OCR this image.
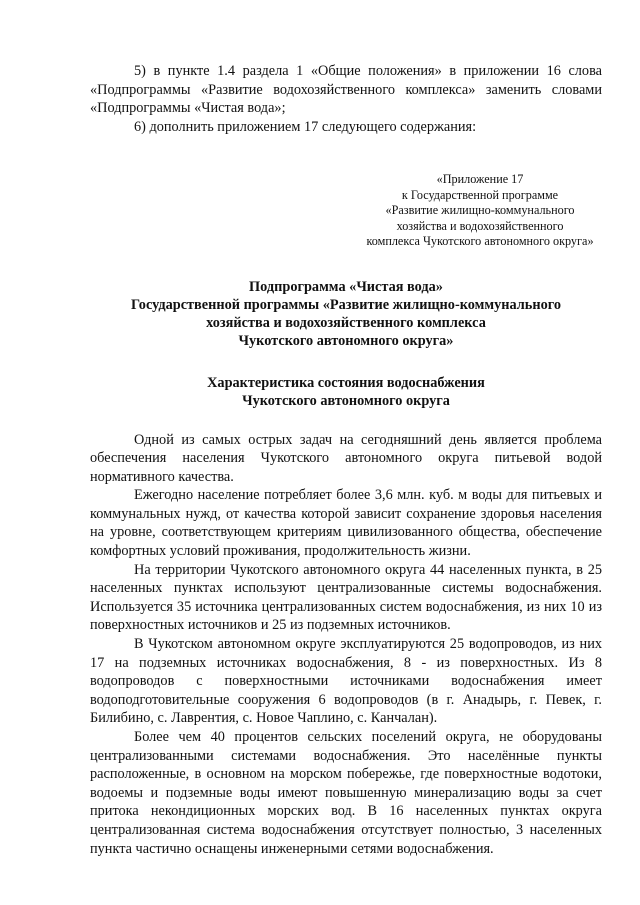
5) в пункте 1.4 раздела 1 «Общие положения» в приложении 16 слова «Подпрограммы «Развитие водохозяйственного комплекса» заменить словами «Подпрограммы «Чистая вода»;

6) дополнить приложением 17 следующего содержания:

«Приложение 17
к Государственной программе
«Развитие жилищно-коммунального
хозяйства и водохозяйственного
комплекса Чукотского автономного округа»
Подпрограмма «Чистая вода»
Государственной программы «Развитие жилищно-коммунального
хозяйства и водохозяйственного комплекса
Чукотского автономного округа»
Характеристика состояния водоснабжения
Чукотского автономного округа

Одной из самых острых задач на сегодняшний день является проблема обеспечения населения Чукотского автономного округа питьевой водой нормативного качества.

Ежегодно население потребляет более 3,6 млн. куб. м воды для питьевых и коммунальных нужд, от качества которой зависит сохранение здоровья населения на уровне, соответствующем критериям цивилизованного общества, обеспечение комфортных условий проживания, продолжительность жизни.

На территории Чукотского автономного округа 44 населенных пункта, в 25 населенных пунктах используют централизованные системы водоснабжения. Используется 35 источника централизованных систем водоснабжения, из них 10 из поверхностных источников и 25 из подземных источников.

В Чукотском автономном округе эксплуатируются 25 водопроводов, из них 17 на подземных источниках водоснабжения, 8 - из поверхностных. Из 8 водопроводов с поверхностными источниками водоснабжения имеет водоподготовительные сооружения 6 водопроводов (в г. Анадырь, г. Певек, г. Билибино, с. Лаврентия, с. Новое Чаплино, с. Канчалан).

Более чем 40 процентов сельских поселений округа, не оборудованы централизованными системами водоснабжения. Это населённые пункты расположенные, в основном на морском побережье, где поверхностные водотоки, водоемы и подземные воды имеют повышенную минерализацию воды за счет притока некондиционных морских вод. В 16 населенных пунктах округа централизованная система водоснабжения отсутствует полностью, 3 населенных пункта частично оснащены инженерными сетями водоснабжения.
